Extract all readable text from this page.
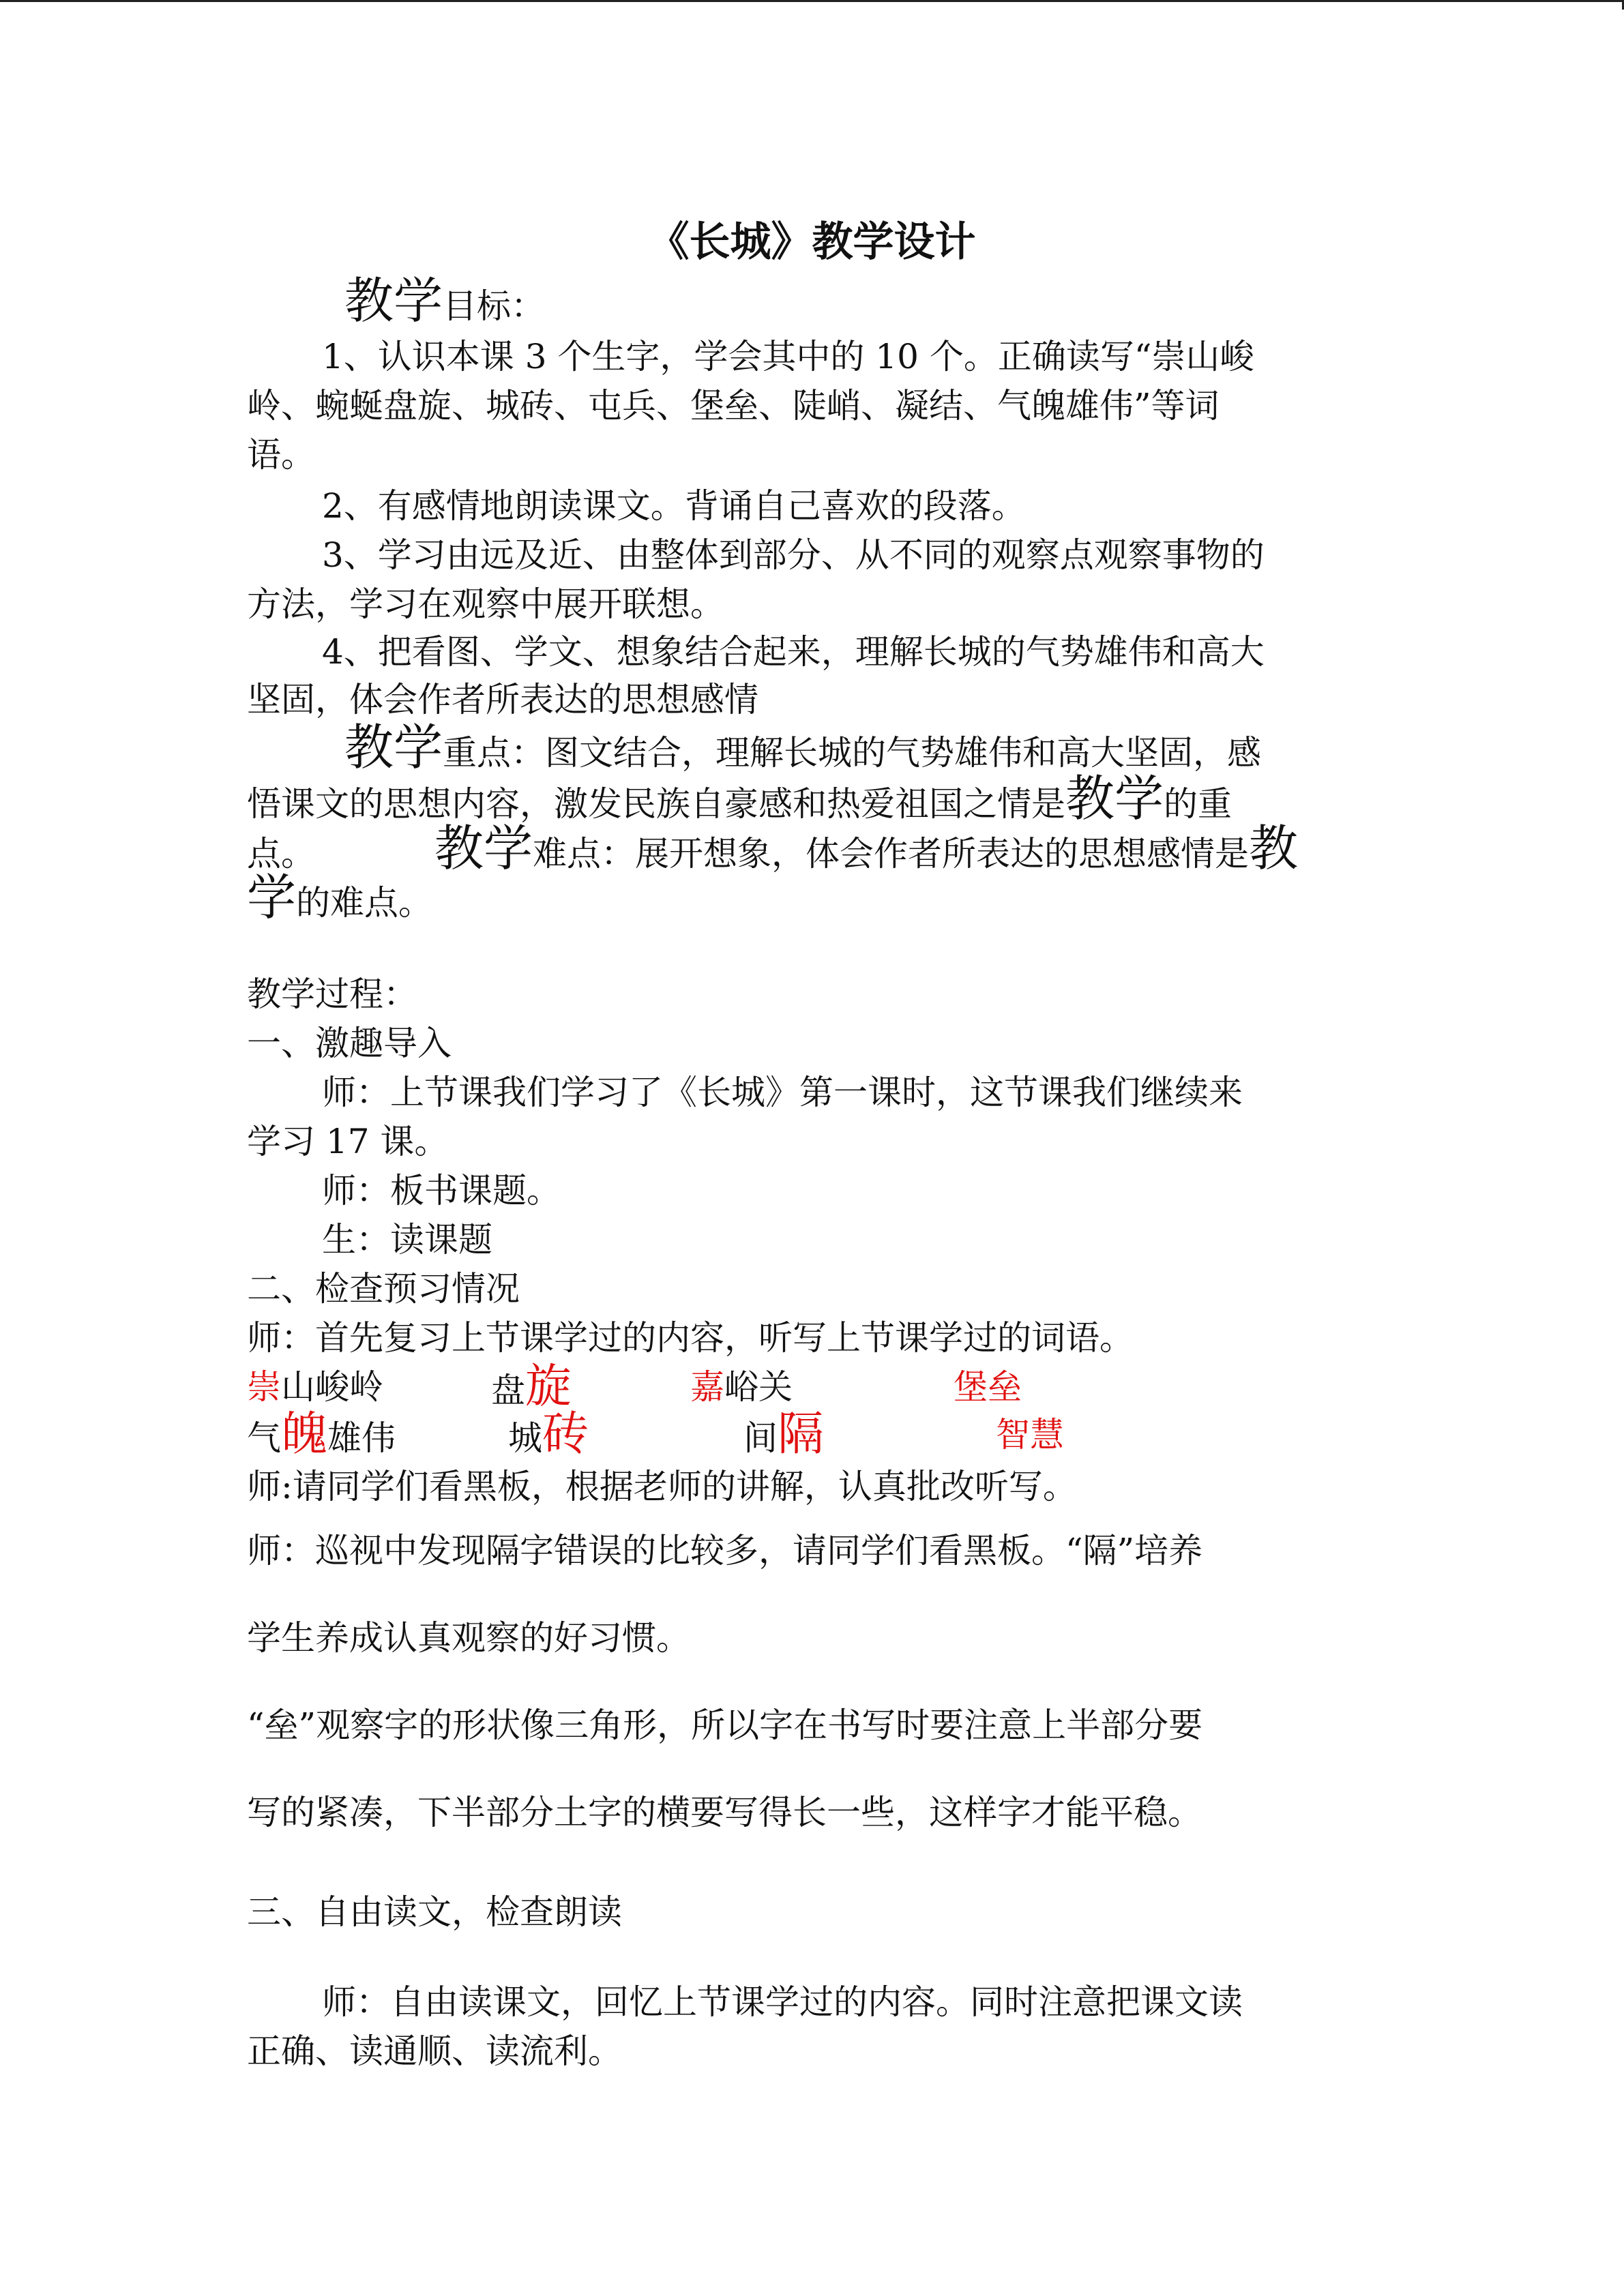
《长城》教学设计
教学目标：
1、认识本课 3 个生字，学会其中的 10 个。正确读写“崇山峻
岭、蜿蜒盘旋、城砖、屯兵、堡垒、陡峭、凝结、气魄雄伟”等词
语。
2、有感情地朗读课文。背诵自己喜欢的段落。
3、学习由远及近、由整体到部分、从不同的观察点观察事物的
方法，学习在观察中展开联想。
4、把看图、学文、想象结合起来，理解长城的气势雄伟和高大
坚固，体会作者所表达的思想感情
教学重点：图文结合，理解长城的气势雄伟和高大坚固，感
悟课文的思想内容，激发民族自豪感和热爱祖国之情是教学的重
点。 教学难点：展开想象，体会作者所表达的思想感情是教
学的难点。
教学过程：
一、激趣导入
师：上节课我们学习了《长城》第一课时，这节课我们继续来
学习 17 课。
师：板书课题。
生：读课题
二、检查预习情况
师：首先复习上节课学过的内容，听写上节课学过的词语。
崇山峻岭	盘旋	嘉峪关	堡垒
气魄雄伟	城砖	间隔	智慧
师:请同学们看黑板，根据老师的讲解，认真批改听写。
师：巡视中发现隔字错误的比较多，请同学们看黑板。“隔”培养
学生养成认真观察的好习惯。
“垒”观察字的形状像三角形，所以字在书写时要注意上半部分要
写的紧凑，下半部分土字的横要写得长一些，这样字才能平稳。
三、自由读文，检查朗读
师：自由读课文，回忆上节课学过的内容。同时注意把课文读
正确、读通顺、读流利。
